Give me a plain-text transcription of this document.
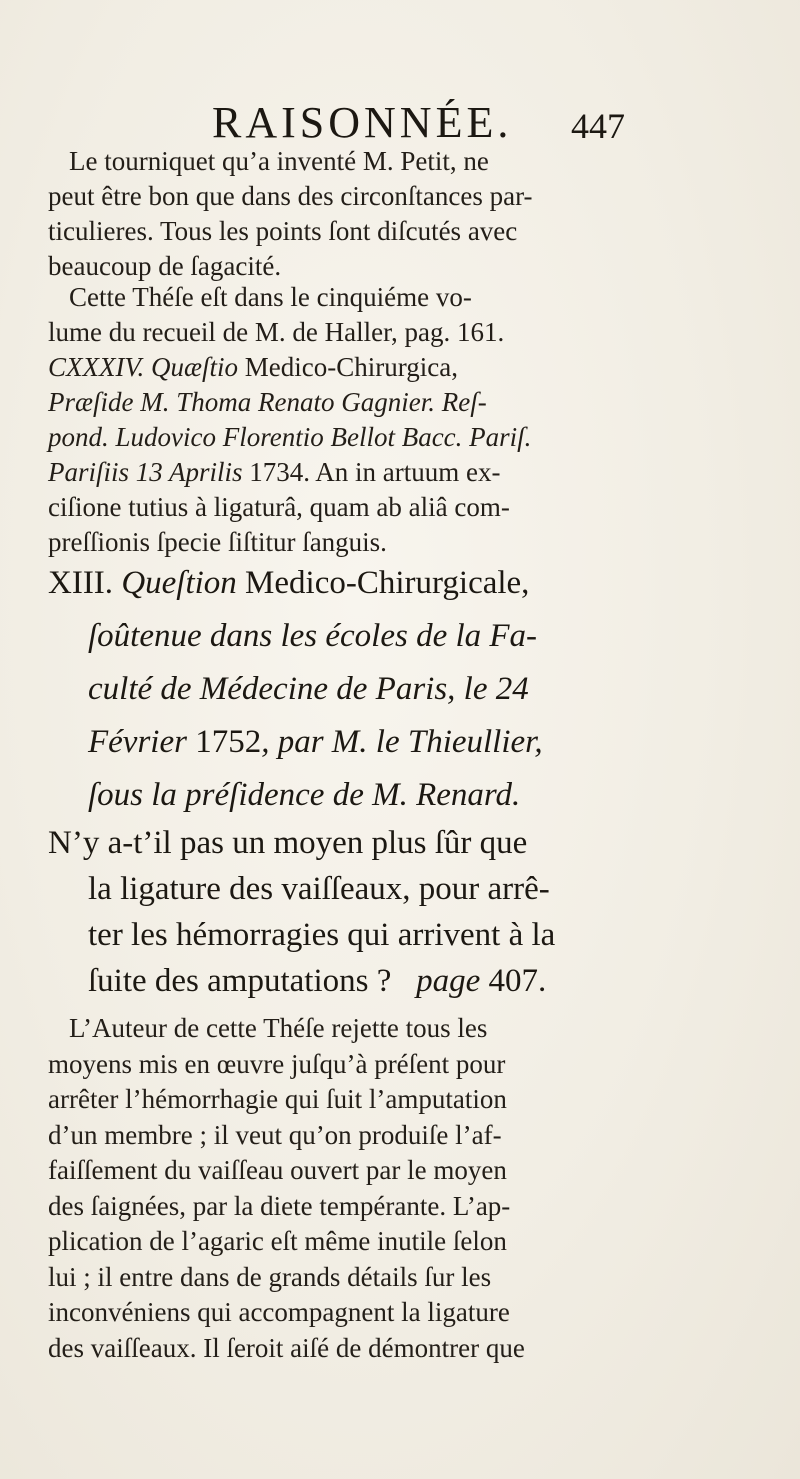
RAISONNÉE. 447

Le tourniquet qu’a inventé M. Petit, ne
peut être bon que dans des circonſtances par-
ticulieres. Tous les points ſont diſcutés avec
beaucoup de ſagacité.

Cette Théſe eſt dans le cinquiéme vo-
lume du recueil de M. de Haller, pag. 161.
CXXXIV. Quæſtio Medico-Chirurgica,
Præſide M. Thoma Renato Gagnier. Reſ-
pond. Ludovico Florentio Bellot Bacc. Pariſ.
Pariſiis 13 Aprilis 1734. An in artuum ex-
ciſione tutius à ligaturâ, quam ab aliâ com-
preſſionis ſpecie ſiſtitur ſanguis.

XIII. Queſtion Medico-Chirurgicale,
ſoûtenue dans les écoles de la Fa-
culté de Médecine de Paris, le 24
Février 1752, par M. le Thieullier,
ſous la préſidence de M. Renard.

N’y a-t’il pas un moyen plus ſûr que
la ligature des vaiſſeaux, pour arrê-
ter les hémorragies qui arrivent à la
ſuite des amputations ? page 407.

L’Auteur de cette Théſe rejette tous les
moyens mis en œuvre juſqu’à préſent pour
arrêter l’hémorrhagie qui ſuit l’amputation
d’un membre ; il veut qu’on produiſe l’af-
faiſſement du vaiſſeau ouvert par le moyen
des ſaignées, par la diete tempérante. L’ap-
plication de l’agaric eſt même inutile ſelon
lui ; il entre dans de grands détails ſur les
inconvéniens qui accompagnent la ligature
des vaiſſeaux. Il ſeroit aiſé de démontrer que
